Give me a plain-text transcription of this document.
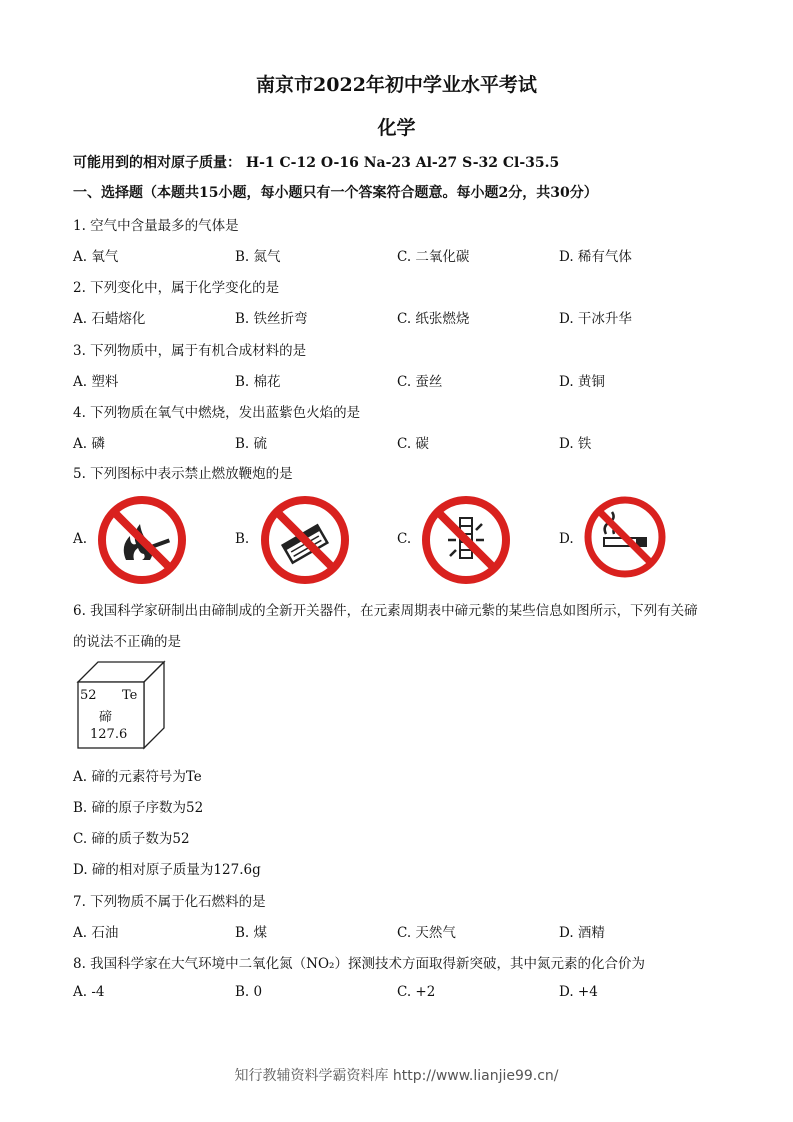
南京市2022年初中学业水平考试
化学
可能用到的相对原子质量： H-1 C-12 O-16 Na-23 Al-27 S-32 Cl-35.5
一、选择题（本题共15小题，每小题只有一个答案符合题意。每小题2分，共30分）
1. 空气中含量最多的气体是
A. 氧气	B. 氮气	C. 二氧化碳	D. 稀有气体
2. 下列变化中，属于化学变化的是
A. 石蜡熔化	B. 铁丝折弯	C. 纸张燃烧	D. 干冰升华
3. 下列物质中，属于有机合成材料的是
A. 塑料	B. 棉花	C. 蚕丝	D. 黄铜
4. 下列物质在氧气中燃烧，发出蓝紫色火焰的是
A. 磷	B. 硫	C. 碳	D. 铁
5. 下列图标中表示禁止燃放鞭炮的是
A.	B.	C.	D.
6. 我国科学家研制出由碲制成的全新开关器件，在元素周期表中碲元紫的某些信息如图所示，下列有关碲
的说法不正确的是
52 Te
碲
127.6
A. 碲的元素符号为Te
B. 碲的原子序数为52
C. 碲的质子数为52
D. 碲的相对原子质量为127.6g
7. 下列物质不属于化石燃料的是
A. 石油	B. 煤	C. 天然气	D. 酒精
8. 我国科学家在大气环境中二氧化氮（NO₂）探测技术方面取得新突破，其中氮元素的化合价为
A. -4	B. 0	C. +2	D. +4
知行教辅资料学霸资料库 http://www.lianjie99.cn/
